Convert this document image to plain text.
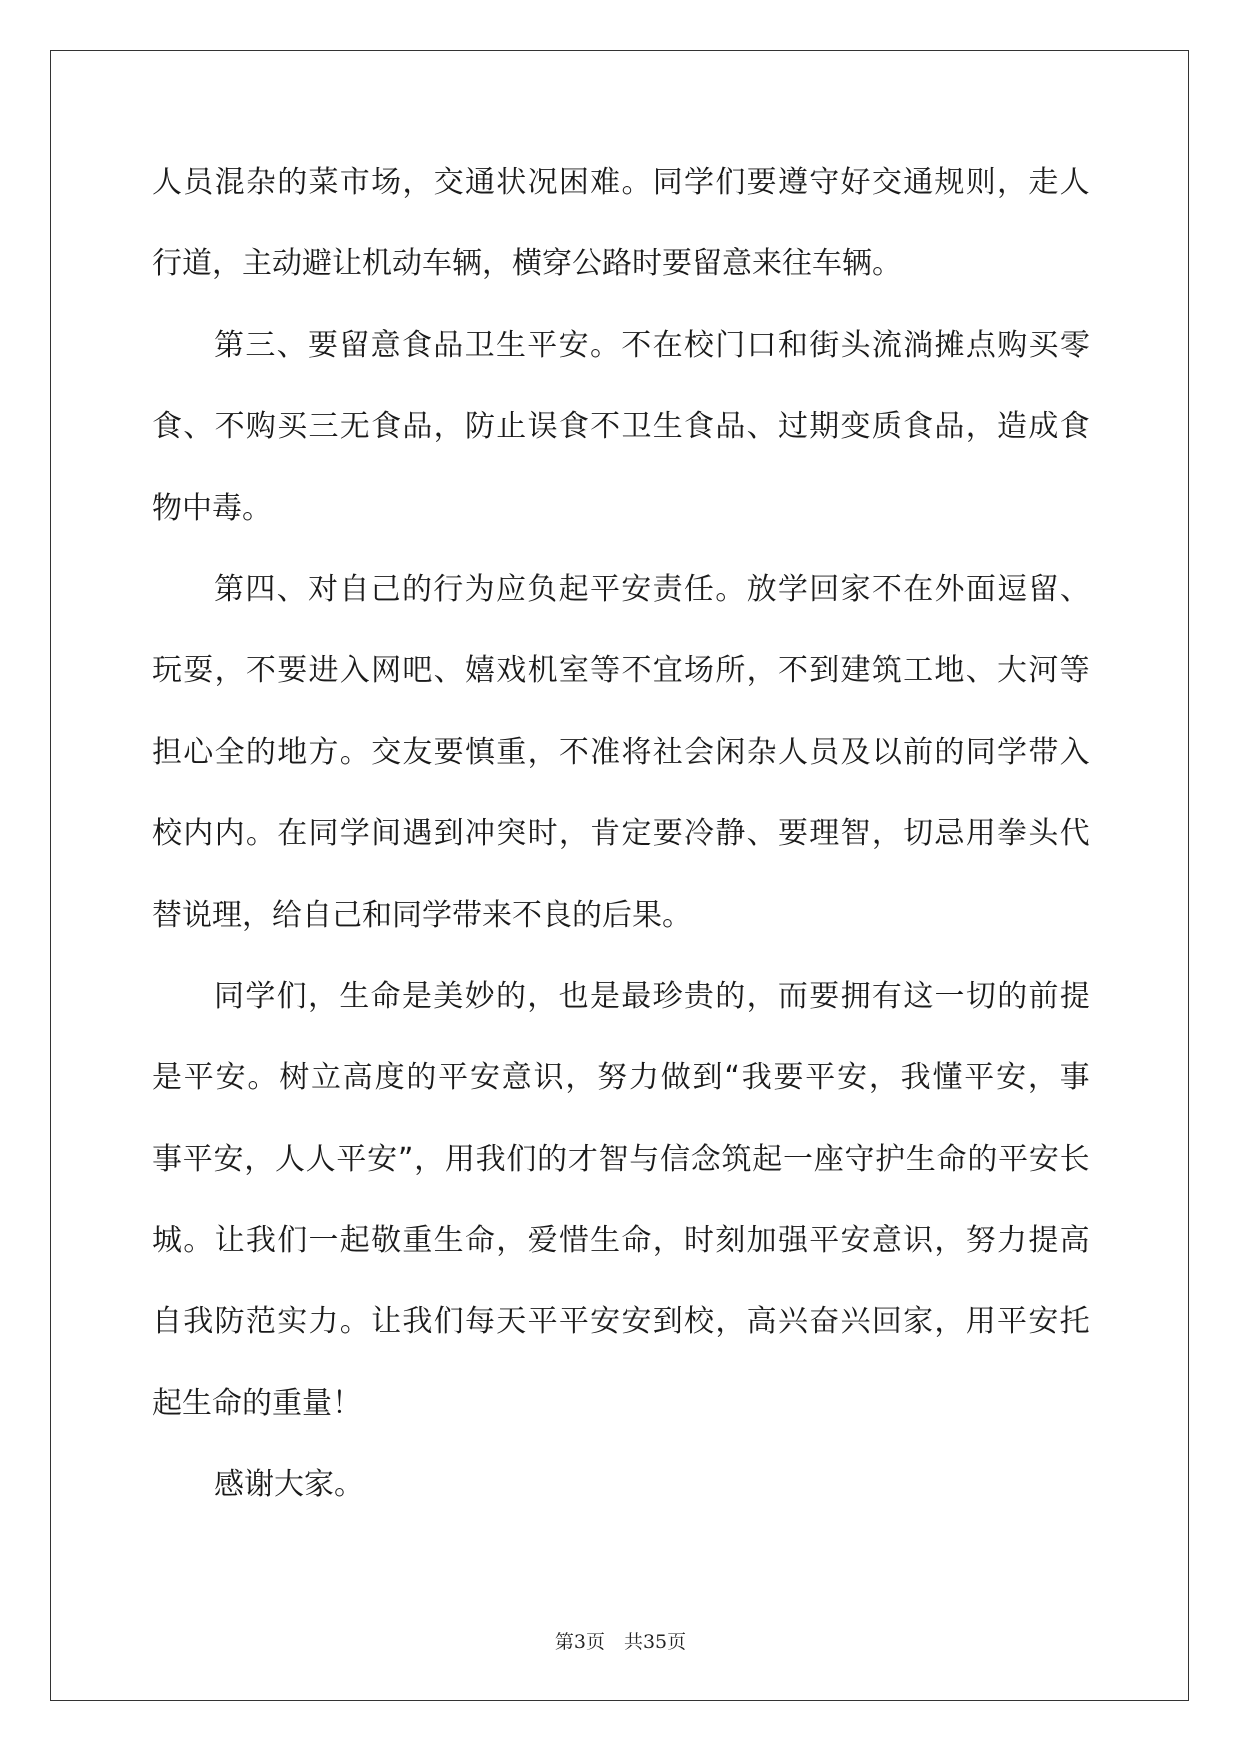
人 员 混 杂 的 菜 市 场 ， 交 通 状 况 困 难 。 同 学 们 要 遵 守 好 交 通 规 则 ， 走 人
行道，主动避让机动车辆，横穿公路时要留意来往车辆。
第 三 、 要 留 意 食 品 卫 生 平 安 。 不 在 校 门 口 和 街 头 流 淌 摊 点 购 买 零
食 、 不 购 买 三 无 食 品 ， 防 止 误 食 不 卫 生 食 品 、 过 期 变 质 食 品 ， 造 成 食
物中毒。
第 四 、 对 自 己 的 行 为 应 负 起 平 安 责 任 。 放 学 回 家 不 在 外 面 逗 留 、
玩 耍 ， 不 要 进 入 网 吧 、 嬉 戏 机 室 等 不 宜 场 所 ， 不 到 建 筑 工 地 、 大 河 等
担 心 全 的 地 方 。 交 友 要 慎 重 ， 不 准 将 社 会 闲 杂 人 员 及 以 前 的 同 学 带 入
校 内 内 。 在 同 学 间 遇 到 冲 突 时 ， 肯 定 要 冷 静 、 要 理 智 ， 切 忌 用 拳 头 代
替说理，给自己和同学带来不良的后果。
同 学 们 ， 生 命 是 美 妙 的 ， 也 是 最 珍 贵 的 ， 而 要 拥 有 这 一 切 的 前 提
是 平 安 。 树 立 高 度 的 平 安 意 识 ， 努 力 做 到 “ 我 要 平 安 ， 我 懂 平 安 ， 事
事 平 安 ， 人 人 平 安 ” ， 用 我 们 的 才 智 与 信 念 筑 起 一 座 守 护 生 命 的 平 安 长
城 。 让 我 们 一 起 敬 重 生 命 ， 爱 惜 生 命 ， 时 刻 加 强 平 安 意 识 ， 努 力 提 高
自 我 防 范 实 力 。 让 我 们 每 天 平 平 安 安 到 校 ， 高 兴 奋 兴 回 家 ， 用 平 安 托
起生命的重量！
感谢大家。
第3页　共35页
